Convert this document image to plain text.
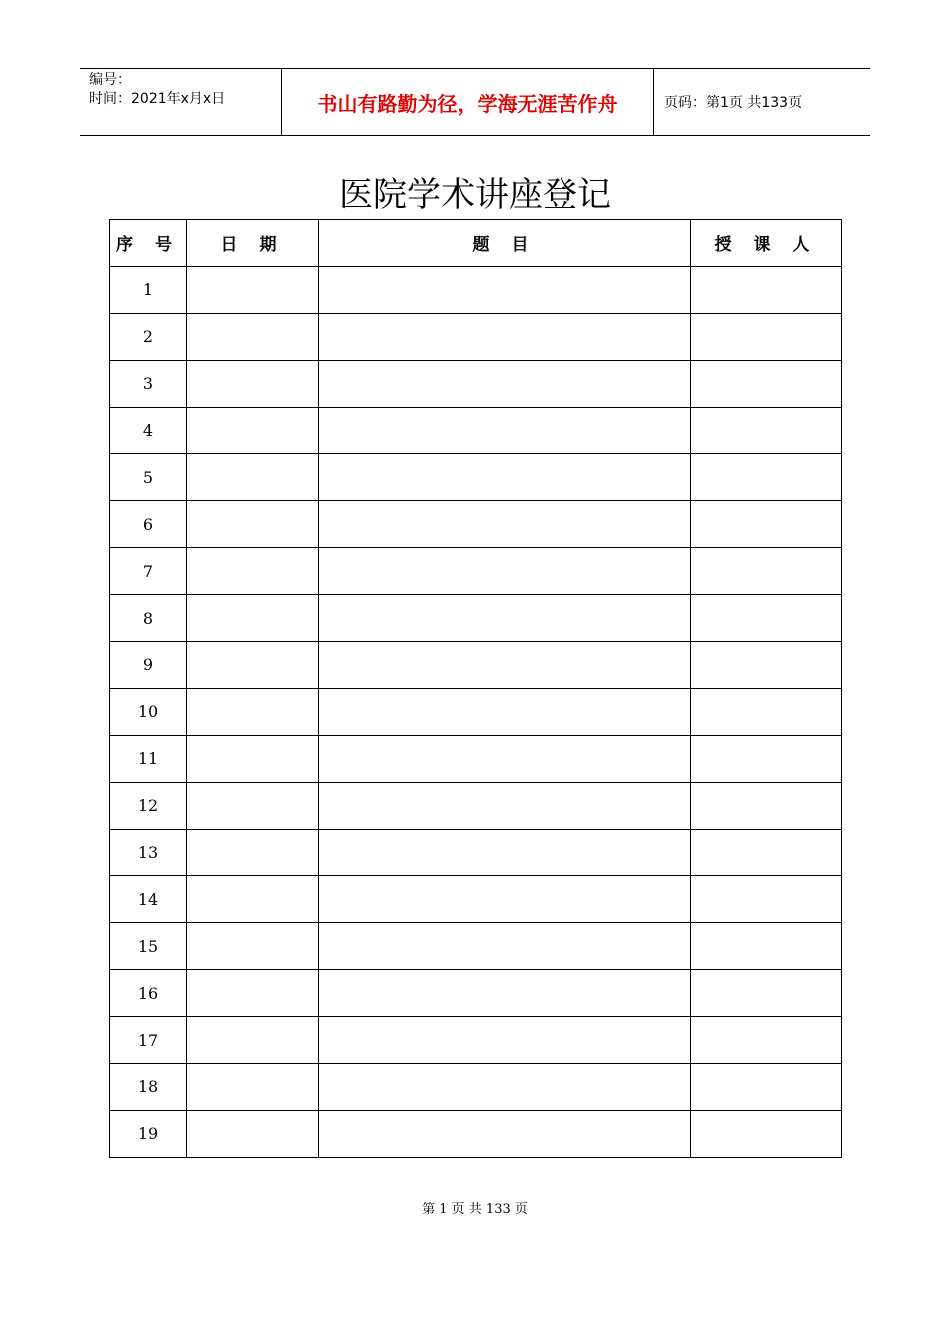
编号：
时间：2021年x月x日	书山有路勤为径，学海无涯苦作舟	页码：第1页 共133页
医院学术讲座登记
序 号	日 期	题 目	授 课 人
1			
2			
3			
4			
5			
6			
7			
8			
9			
10			
11			
12			
13			
14			
15			
16			
17			
18			
19			
第 1 页 共 133 页
